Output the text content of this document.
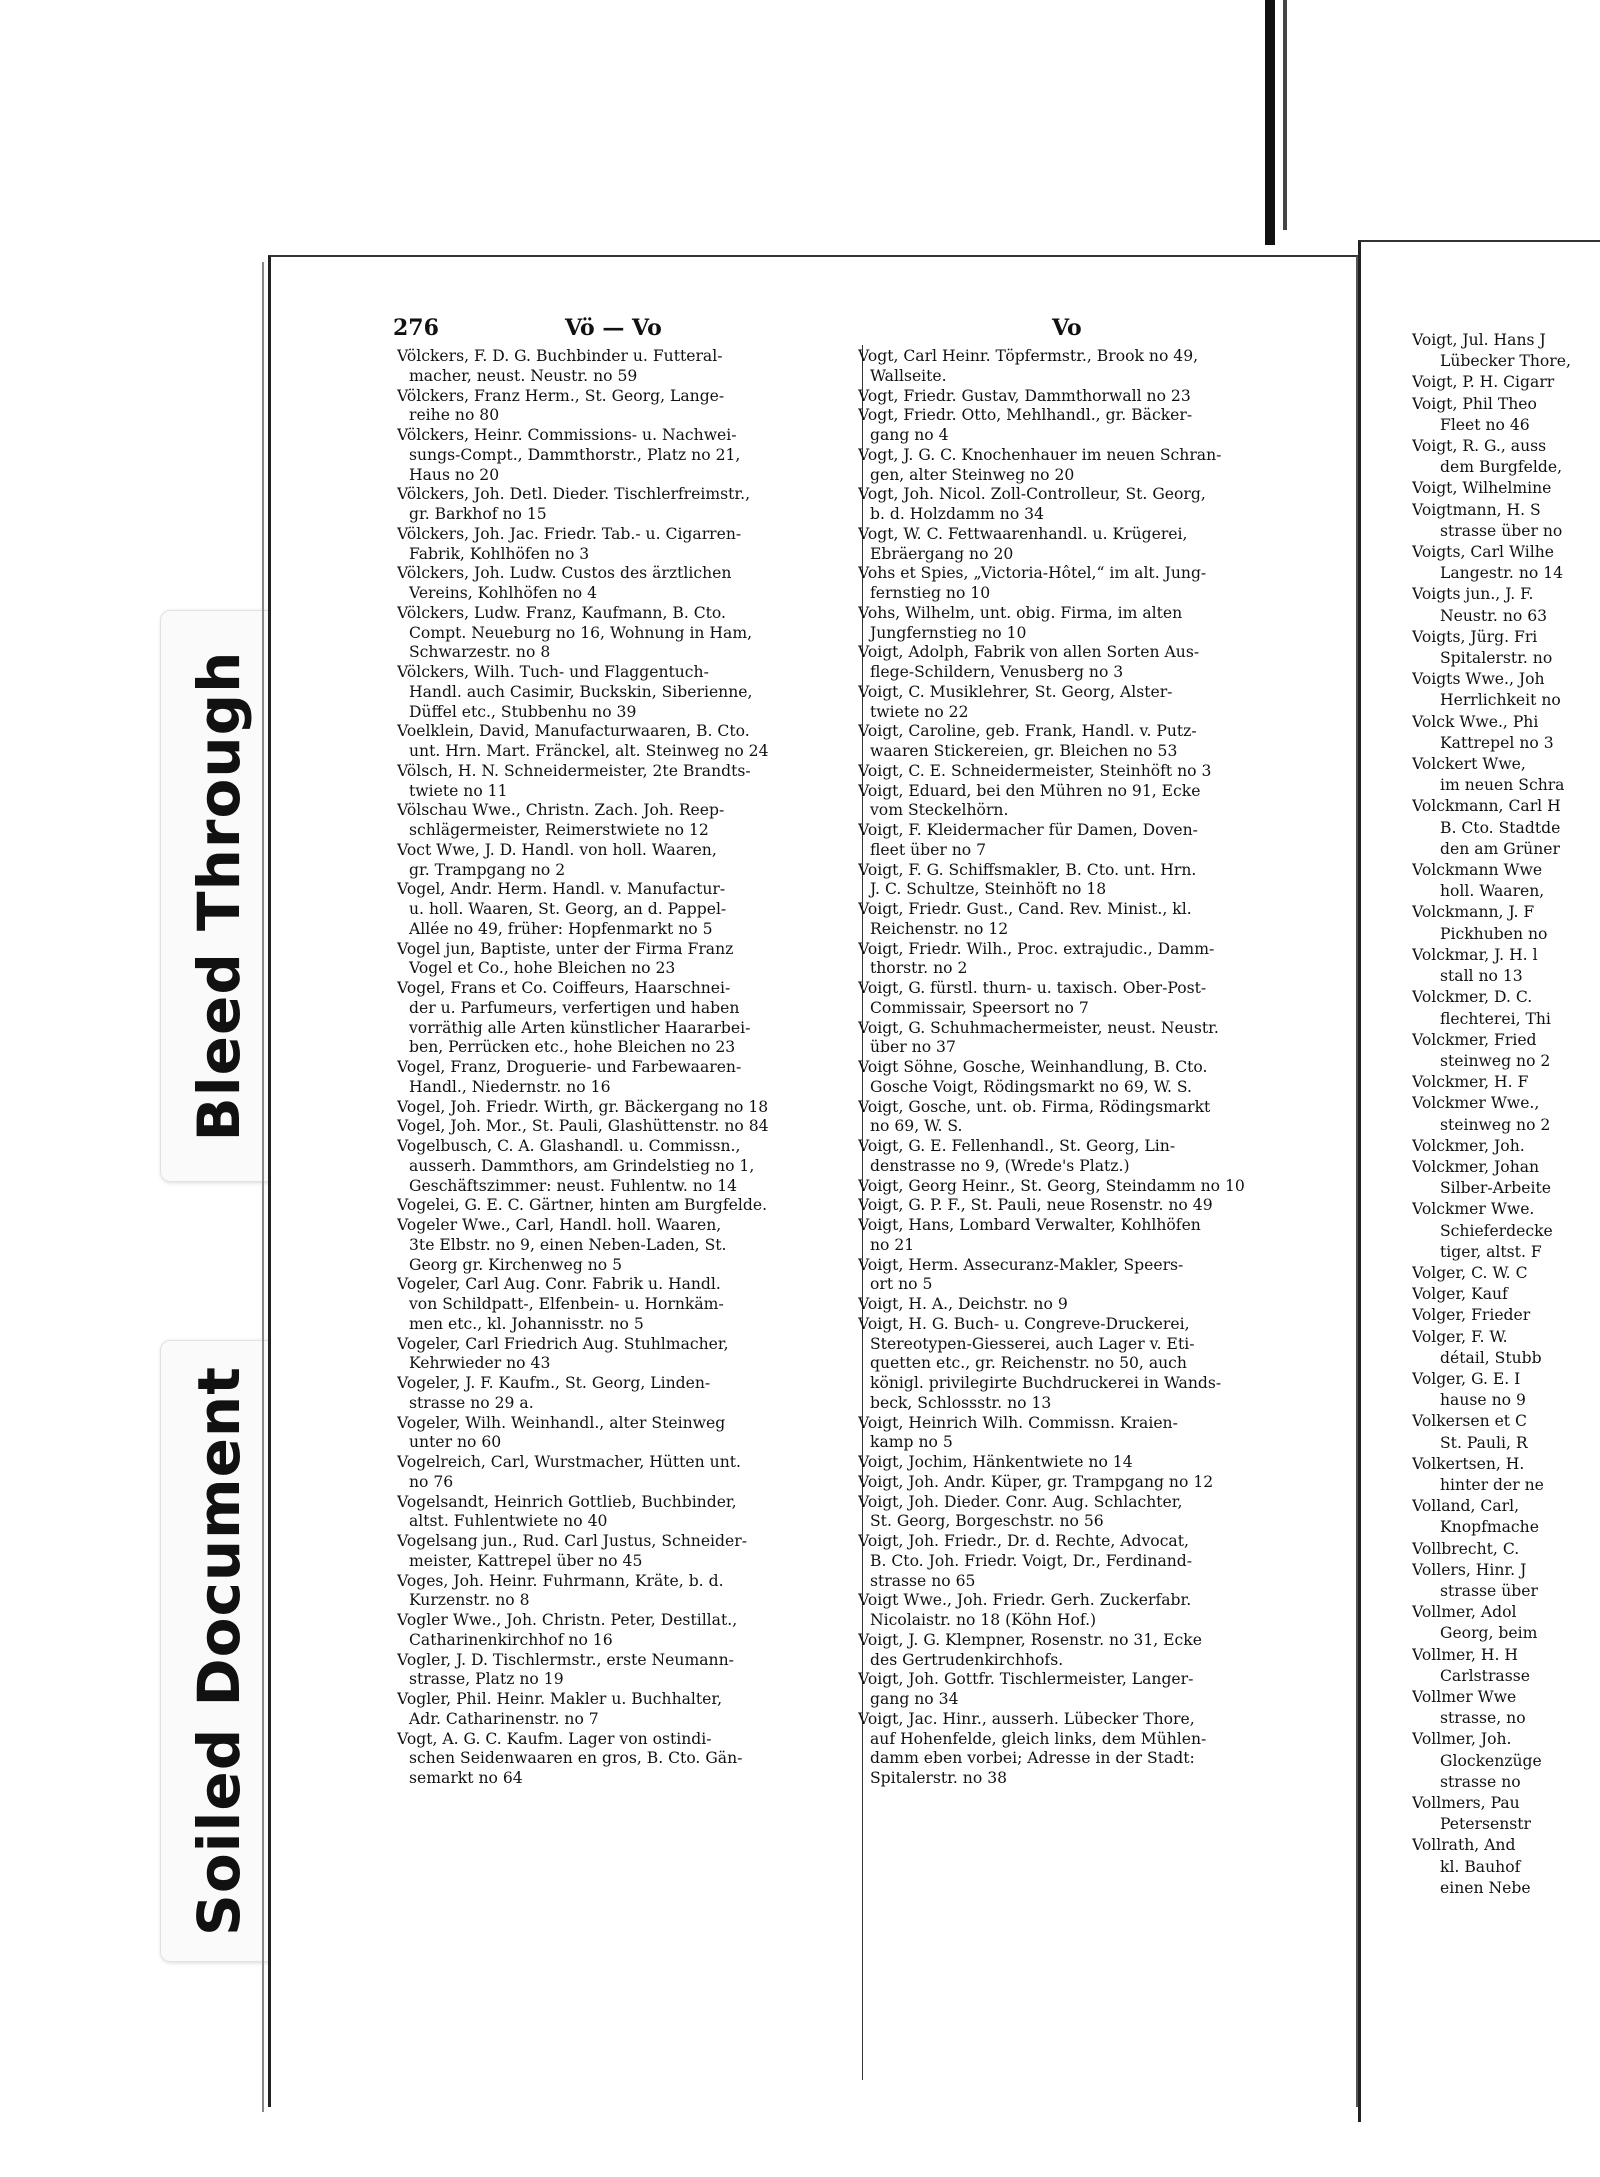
Bleed Through
Soiled Document
276	Vö — Vo	Vo
Völckers, F. D. G. Buchbinder u. Futteral-
macher, neust. Neustr. no 59
Völckers, Franz Herm., St. Georg, Lange-
reihe no 80
Völckers, Heinr. Commissions- u. Nachwei-
sungs-Compt., Dammthorstr., Platz no 21,
Haus no 20
Völckers, Joh. Detl. Dieder. Tischlerfreimstr.,
gr. Barkhof no 15
Völckers, Joh. Jac. Friedr. Tab.- u. Cigarren-
Fabrik, Kohlhöfen no 3
Völckers, Joh. Ludw. Custos des ärztlichen
Vereins, Kohlhöfen no 4
Völckers, Ludw. Franz, Kaufmann, B. Cto.
Compt. Neueburg no 16, Wohnung in Ham,
Schwarzestr. no 8
Völckers, Wilh. Tuch- und Flaggentuch-
Handl. auch Casimir, Buckskin, Siberienne,
Düffel etc., Stubbenhu no 39
Voelklein, David, Manufacturwaaren, B. Cto.
unt. Hrn. Mart. Fränckel, alt. Steinweg no 24
Völsch, H. N. Schneidermeister, 2te Brandts-
twiete no 11
Völschau Wwe., Christn. Zach. Joh. Reep-
schlägermeister, Reimerstwiete no 12
Voct Wwe, J. D. Handl. von holl. Waaren,
gr. Trampgang no 2
Vogel, Andr. Herm. Handl. v. Manufactur-
u. holl. Waaren, St. Georg, an d. Pappel-
Allée no 49, früher: Hopfenmarkt no 5
Vogel jun, Baptiste, unter der Firma Franz
Vogel et Co., hohe Bleichen no 23
Vogel, Frans et Co. Coiffeurs, Haarschnei-
der u. Parfumeurs, verfertigen und haben
vorräthig alle Arten künstlicher Haararbei-
ben, Perrücken etc., hohe Bleichen no 23
Vogel, Franz, Droguerie- und Farbewaaren-
Handl., Niedernstr. no 16
Vogel, Joh. Friedr. Wirth, gr. Bäckergang no 18
Vogel, Joh. Mor., St. Pauli, Glashüttenstr. no 84
Vogelbusch, C. A. Glashandl. u. Commissn.,
ausserh. Dammthors, am Grindelstieg no 1,
Geschäftszimmer: neust. Fuhlentw. no 14
Vogelei, G. E. C. Gärtner, hinten am Burgfelde.
Vogeler Wwe., Carl, Handl. holl. Waaren,
3te Elbstr. no 9, einen Neben-Laden, St.
Georg gr. Kirchenweg no 5
Vogeler, Carl Aug. Conr. Fabrik u. Handl.
von Schildpatt-, Elfenbein- u. Hornkäm-
men etc., kl. Johannisstr. no 5
Vogeler, Carl Friedrich Aug. Stuhlmacher,
Kehrwieder no 43
Vogeler, J. F. Kaufm., St. Georg, Linden-
strasse no 29 a.
Vogeler, Wilh. Weinhandl., alter Steinweg
unter no 60
Vogelreich, Carl, Wurstmacher, Hütten unt.
no 76
Vogelsandt, Heinrich Gottlieb, Buchbinder,
altst. Fuhlentwiete no 40
Vogelsang jun., Rud. Carl Justus, Schneider-
meister, Kattrepel über no 45
Voges, Joh. Heinr. Fuhrmann, Kräte, b. d.
Kurzenstr. no 8
Vogler Wwe., Joh. Christn. Peter, Destillat.,
Catharinenkirchhof no 16
Vogler, J. D. Tischlermstr., erste Neumann-
strasse, Platz no 19
Vogler, Phil. Heinr. Makler u. Buchhalter,
Adr. Catharinenstr. no 7
Vogt, A. G. C. Kaufm. Lager von ostindi-
schen Seidenwaaren en gros, B. Cto. Gän-
semarkt no 64
Vogt, Carl Heinr. Töpfermstr., Brook no 49,
Wallseite.
Vogt, Friedr. Gustav, Dammthorwall no 23
Vogt, Friedr. Otto, Mehlhandl., gr. Bäcker-
gang no 4
Vogt, J. G. C. Knochenhauer im neuen Schran-
gen, alter Steinweg no 20
Vogt, Joh. Nicol. Zoll-Controlleur, St. Georg,
b. d. Holzdamm no 34
Vogt, W. C. Fettwaarenhandl. u. Krügerei,
Ebräergang no 20
Vohs et Spies, „Victoria-Hôtel,“ im alt. Jung-
fernstieg no 10
Vohs, Wilhelm, unt. obig. Firma, im alten
Jungfernstieg no 10
Voigt, Adolph, Fabrik von allen Sorten Aus-
flege-Schildern, Venusberg no 3
Voigt, C. Musiklehrer, St. Georg, Alster-
twiete no 22
Voigt, Caroline, geb. Frank, Handl. v. Putz-
waaren Stickereien, gr. Bleichen no 53
Voigt, C. E. Schneidermeister, Steinhöft no 3
Voigt, Eduard, bei den Mühren no 91, Ecke
vom Steckelhörn.
Voigt, F. Kleidermacher für Damen, Doven-
fleet über no 7
Voigt, F. G. Schiffsmakler, B. Cto. unt. Hrn.
J. C. Schultze, Steinhöft no 18
Voigt, Friedr. Gust., Cand. Rev. Minist., kl.
Reichenstr. no 12
Voigt, Friedr. Wilh., Proc. extrajudic., Damm-
thorstr. no 2
Voigt, G. fürstl. thurn- u. taxisch. Ober-Post-
Commissair, Speersort no 7
Voigt, G. Schuhmachermeister, neust. Neustr.
über no 37
Voigt Söhne, Gosche, Weinhandlung, B. Cto.
Gosche Voigt, Rödingsmarkt no 69, W. S.
Voigt, Gosche, unt. ob. Firma, Rödingsmarkt
no 69, W. S.
Voigt, G. E. Fellenhandl., St. Georg, Lin-
denstrasse no 9, (Wrede's Platz.)
Voigt, Georg Heinr., St. Georg, Steindamm no 10
Voigt, G. P. F., St. Pauli, neue Rosenstr. no 49
Voigt, Hans, Lombard Verwalter, Kohlhöfen
no 21
Voigt, Herm. Assecuranz-Makler, Speers-
ort no 5
Voigt, H. A., Deichstr. no 9
Voigt, H. G. Buch- u. Congreve-Druckerei,
Stereotypen-Giesserei, auch Lager v. Eti-
quetten etc., gr. Reichenstr. no 50, auch
königl. privilegirte Buchdruckerei in Wands-
beck, Schlossstr. no 13
Voigt, Heinrich Wilh. Commissn. Kraien-
kamp no 5
Voigt, Jochim, Hänkentwiete no 14
Voigt, Joh. Andr. Küper, gr. Trampgang no 12
Voigt, Joh. Dieder. Conr. Aug. Schlachter,
St. Georg, Borgeschstr. no 56
Voigt, Joh. Friedr., Dr. d. Rechte, Advocat,
B. Cto. Joh. Friedr. Voigt, Dr., Ferdinand-
strasse no 65
Voigt Wwe., Joh. Friedr. Gerh. Zuckerfabr.
Nicolaistr. no 18 (Köhn Hof.)
Voigt, J. G. Klempner, Rosenstr. no 31, Ecke
des Gertrudenkirchhofs.
Voigt, Joh. Gottfr. Tischlermeister, Langer-
gang no 34
Voigt, Jac. Hinr., ausserh. Lübecker Thore,
auf Hohenfelde, gleich links, dem Mühlen-
damm eben vorbei; Adresse in der Stadt:
Spitalerstr. no 38
Voigt, Jul. Hans J
Lübecker Thore,
Voigt, P. H. Cigarr
Voigt, Phil Theo
Fleet no 46
Voigt, R. G., auss
dem Burgfelde,
Voigt, Wilhelmine
Voigtmann, H. S
strasse über no
Voigts, Carl Wilhe
Langestr. no 14
Voigts jun., J. F.
Neustr. no 63
Voigts, Jürg. Fri
Spitalerstr. no
Voigts Wwe., Joh
Herrlichkeit no
Volck Wwe., Phi
Kattrepel no 3
Volckert Wwe,
im neuen Schra
Volckmann, Carl H
B. Cto. Stadtde
den am Grüner
Volckmann Wwe
holl. Waaren,
Volckmann, J. F
Pickhuben no
Volckmar, J. H. l
stall no 13
Volckmer, D. C.
flechterei, Thi
Volckmer, Fried
steinweg no 2
Volckmer, H. F
Volckmer Wwe.,
steinweg no 2
Volckmer, Joh.
Volckmer, Johan
Silber-Arbeite
Volckmer Wwe.
Schieferdecke
tiger, altst. F
Volger, C. W. C
Volger, Kauf
Volger, Frieder
Volger, F. W.
détail, Stubb
Volger, G. E. I
hause no 9
Volkersen et C
St. Pauli, R
Volkertsen, H.
hinter der ne
Volland, Carl,
Knopfmache
Vollbrecht, C.
Vollers, Hinr. J
strasse über
Vollmer, Adol
Georg, beim
Vollmer, H. H
Carlstrasse
Vollmer Wwe
strasse, no
Vollmer, Joh.
Glockenzüge
strasse no
Vollmers, Pau
Petersenstr
Vollrath, And
kl. Bauhof
einen Nebe
